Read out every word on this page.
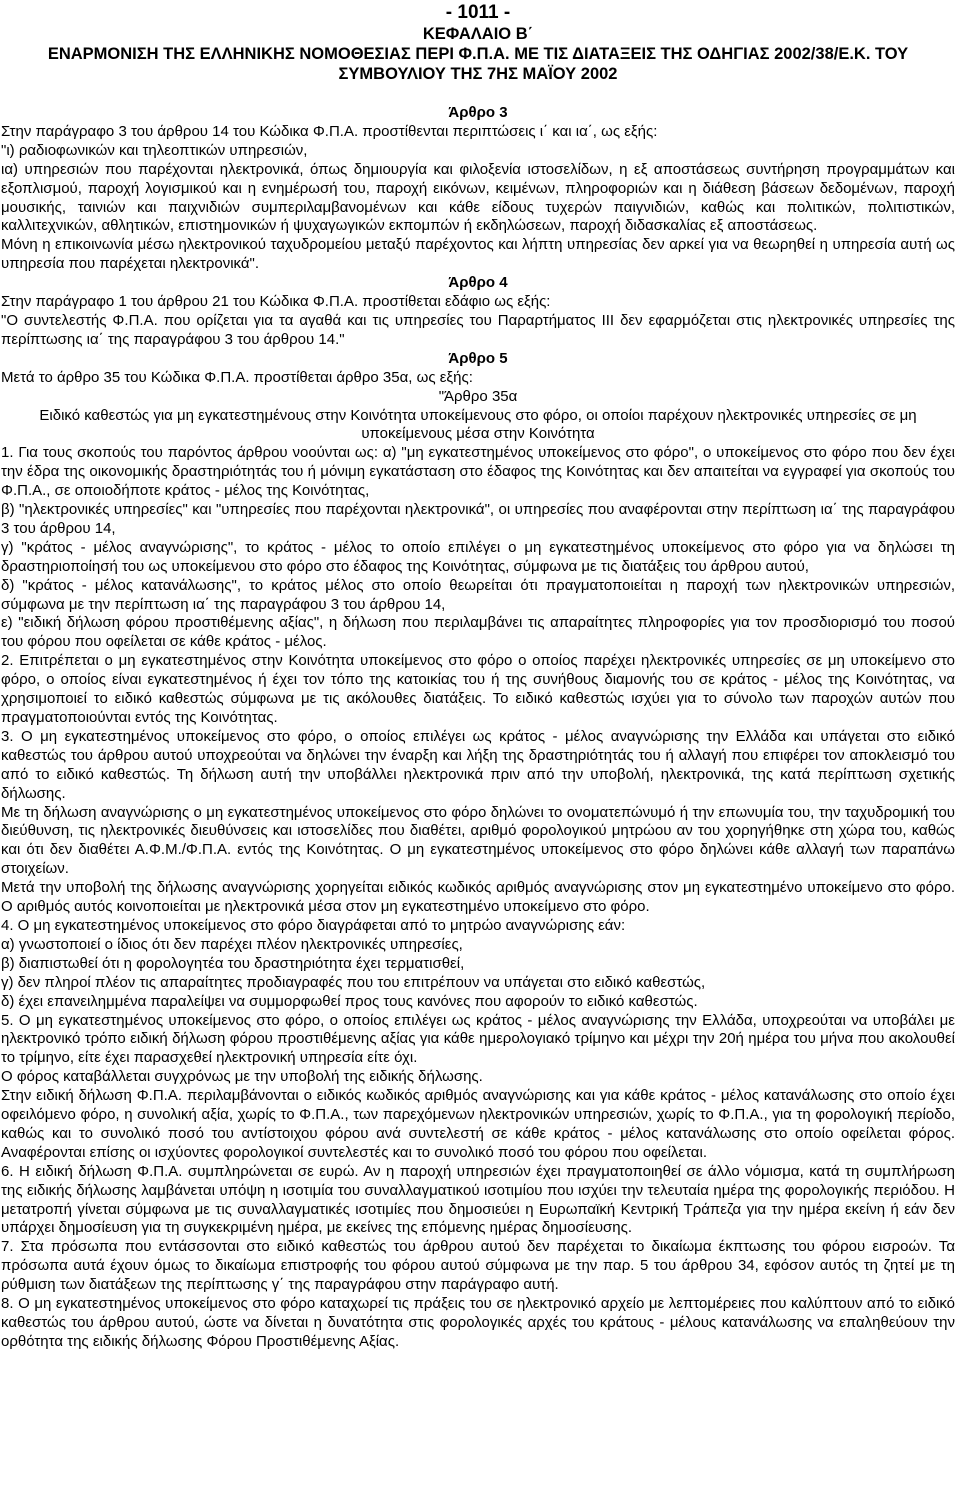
- 1011 -
ΚΕΦΑΛΑΙΟ Β΄
ΕΝΑΡΜΟΝΙΣΗ ΤΗΣ ΕΛΛΗΝΙΚΗΣ ΝΟΜΟΘΕΣΙΑΣ ΠΕΡΙ Φ.Π.Α. ΜΕ ΤΙΣ ΔΙΑΤΑΞΕΙΣ ΤΗΣ ΟΔΗΓΙΑΣ 2002/38/Ε.Κ. ΤΟΥ ΣΥΜΒΟΥΛΙΟΥ ΤΗΣ 7ΗΣ ΜΑΪΟΥ 2002
Άρθρο 3

Στην παράγραφο 3 του άρθρου 14 του Κώδικα Φ.Π.Α. προστίθενται περιπτώσεις ι΄ και ια΄, ως εξής:

"ι) ραδιοφωνικών και τηλεοπτικών υπηρεσιών,

ια) υπηρεσιών που παρέχονται ηλεκτρονικά, όπως δημιουργία και φιλοξενία ιστοσελίδων, η εξ αποστάσεως συντήρηση προγραμμάτων και εξοπλισμού, παροχή λογισμικού και η ενημέρωσή του, παροχή εικόνων, κειμένων, πληροφοριών και η διάθεση βάσεων δεδομένων, παροχή μουσικής, ταινιών και παιχνιδιών συμπεριλαμβανομένων και κάθε είδους τυχερών παιγνιδιών, καθώς και πολιτικών, πολιτιστικών, καλλιτεχνικών, αθλητικών, επιστημονικών ή ψυχαγωγικών εκπομπών ή εκδηλώσεων, παροχή διδασκαλίας εξ αποστάσεως.

Μόνη η επικοινωνία μέσω ηλεκτρονικού ταχυδρομείου μεταξύ παρέχοντος και λήπτη υπηρεσίας δεν αρκεί για να θεωρηθεί η υπηρεσία αυτή ως υπηρεσία που παρέχεται ηλεκτρονικά".

Άρθρο 4

Στην παράγραφο 1 του άρθρου 21 του Κώδικα Φ.Π.Α. προστίθεται εδάφιο ως εξής:

"Ο συντελεστής Φ.Π.Α. που ορίζεται για τα αγαθά και τις υπηρεσίες του Παραρτήματος ΙΙΙ δεν εφαρμόζεται στις ηλεκτρονικές υπηρεσίες της περίπτωσης ια΄ της παραγράφου 3 του άρθρου 14."

Άρθρο 5

Μετά το άρθρο 35 του Κώδικα Φ.Π.Α. προστίθεται άρθρο 35α, ως εξής:

"Άρθρο 35α

Ειδικό καθεστώς για μη εγκατεστημένους στην Κοινότητα υποκείμενους στο φόρο, οι οποίοι παρέχουν ηλεκτρονικές υπηρεσίες σε μη υποκείμενους μέσα στην Κοινότητα

1. Για τους σκοπούς του παρόντος άρθρου νοούνται ως: α) "μη εγκατεστημένος υποκείμενος στο φόρο", ο υποκείμενος στο φόρο που δεν έχει την έδρα της οικονομικής δραστηριότητάς του ή μόνιμη εγκατάσταση στο έδαφος της Κοινότητας και δεν απαιτείται να εγγραφεί για σκοπούς του Φ.Π.Α., σε οποιοδήποτε κράτος - μέλος της Κοινότητας,

β) "ηλεκτρονικές υπηρεσίες" και "υπηρεσίες που παρέχονται ηλεκτρονικά", οι υπηρεσίες που αναφέρονται στην περίπτωση ια΄ της παραγράφου 3 του άρθρου 14,

γ) "κράτος - μέλος αναγνώρισης", το κράτος - μέλος το οποίο επιλέγει ο μη εγκατεστημένος υποκείμενος στο φόρο για να δηλώσει τη δραστηριοποίησή του ως υποκείμενου στο φόρο στο έδαφος της Κοινότητας, σύμφωνα με τις διατάξεις του άρθρου αυτού,

δ) "κράτος - μέλος κατανάλωσης", το κράτος μέλος στο οποίο θεωρείται ότι πραγματοποιείται η παροχή των ηλεκτρονικών υπηρεσιών, σύμφωνα με την περίπτωση ια΄ της παραγράφου 3 του άρθρου 14,

ε) "ειδική δήλωση φόρου προστιθέμενης αξίας", η δήλωση που περιλαμβάνει τις απαραίτητες πληροφορίες για τον προσδιορισμό του ποσού του φόρου που οφείλεται σε κάθε κράτος - μέλος.

2. Επιτρέπεται ο μη εγκατεστημένος στην Κοινότητα υποκείμενος στο φόρο ο οποίος παρέχει ηλεκτρονικές υπηρεσίες σε μη υποκείμενο στο φόρο, ο οποίος είναι εγκατεστημένος ή έχει τον τόπο της κατοικίας του ή της συνήθους διαμονής του σε κράτος - μέλος της Κοινότητας, να χρησιμοποιεί το ειδικό καθεστώς σύμφωνα με τις ακόλουθες διατάξεις. Το ειδικό καθεστώς ισχύει για το σύνολο των παροχών αυτών που πραγματοποιούνται εντός της Κοινότητας.

3. Ο μη εγκατεστημένος υποκείμενος στο φόρο, ο οποίος επιλέγει ως κράτος - μέλος αναγνώρισης την Ελλάδα και υπάγεται στο ειδικό καθεστώς του άρθρου αυτού υποχρεούται να δηλώνει την έναρξη και λήξη της δραστηριότητάς του ή αλλαγή που επιφέρει τον αποκλεισμό του από το ειδικό καθεστώς. Τη δήλωση αυτή την υποβάλλει ηλεκτρονικά πριν από την υποβολή, ηλεκτρονικά, της κατά περίπτωση σχετικής δήλωσης.

Με τη δήλωση αναγνώρισης ο μη εγκατεστημένος υποκείμενος στο φόρο δηλώνει το ονοματεπώνυμό ή την επωνυμία του, την ταχυδρομική του διεύθυνση, τις ηλεκτρονικές διευθύνσεις και ιστοσελίδες που διαθέτει, αριθμό φορολογικού μητρώου αν του χορηγήθηκε στη χώρα του, καθώς και ότι δεν διαθέτει Α.Φ.Μ./Φ.Π.Α. εντός της Κοινότητας. Ο μη εγκατεστημένος υποκείμενος στο φόρο δηλώνει κάθε αλλαγή των παραπάνω στοιχείων.

Μετά την υποβολή της δήλωσης αναγνώρισης χορηγείται ειδικός κωδικός αριθμός αναγνώρισης στον μη εγκατεστημένο υποκείμενο στο φόρο. Ο αριθμός αυτός κοινοποιείται με ηλεκτρονικά μέσα στον μη εγκατεστημένο υποκείμενο στο φόρο.

4. Ο μη εγκατεστημένος υποκείμενος στο φόρο διαγράφεται από το μητρώο αναγνώρισης εάν:

α) γνωστοποιεί ο ίδιος ότι δεν παρέχει πλέον ηλεκτρονικές υπηρεσίες,

β) διαπιστωθεί ότι η φορολογητέα του δραστηριότητα έχει τερματισθεί,

γ) δεν πληροί πλέον τις απαραίτητες προδιαγραφές που του επιτρέπουν να υπάγεται στο ειδικό καθεστώς,

δ) έχει επανειλημμένα παραλείψει να συμμορφωθεί προς τους κανόνες που αφορούν το ειδικό καθεστώς.

5. Ο μη εγκατεστημένος υποκείμενος στο φόρο, ο οποίος επιλέγει ως κράτος - μέλος αναγνώρισης την Ελλάδα, υποχρεούται να υποβάλει με ηλεκτρονικό τρόπο ειδική δήλωση φόρου προστιθέμενης αξίας για κάθε ημερολογιακό τρίμηνο και μέχρι την 20ή ημέρα του μήνα που ακολουθεί το τρίμηνο, είτε έχει παρασχεθεί ηλεκτρονική υπηρεσία είτε όχι.

Ο φόρος καταβάλλεται συγχρόνως με την υποβολή της ειδικής δήλωσης.

Στην ειδική δήλωση Φ.Π.Α. περιλαμβάνονται ο ειδικός κωδικός αριθμός αναγνώρισης και για κάθε κράτος - μέλος κατανάλωσης στο οποίο έχει οφειλόμενο φόρο, η συνολική αξία, χωρίς το Φ.Π.Α., των παρεχόμενων ηλεκτρονικών υπηρεσιών, χωρίς το Φ.Π.Α., για τη φορολογική περίοδο, καθώς και το συνολικό ποσό του αντίστοιχου φόρου ανά συντελεστή σε κάθε κράτος - μέλος κατανάλωσης στο οποίο οφείλεται φόρος. Αναφέρονται επίσης οι ισχύοντες φορολογικοί συντελεστές και το συνολικό ποσό του φόρου που οφείλεται.

6. Η ειδική δήλωση Φ.Π.Α. συμπληρώνεται σε ευρώ. Αν η παροχή υπηρεσιών έχει πραγματοποιηθεί σε άλλο νόμισμα, κατά τη συμπλήρωση της ειδικής δήλωσης λαμβάνεται υπόψη η ισοτιμία του συναλλαγματικού ισοτιμίου που ισχύει την τελευταία ημέρα της φορολογικής περιόδου. Η μετατροπή γίνεται σύμφωνα με τις συναλλαγματικές ισοτιμίες που δημοσιεύει η Ευρωπαϊκή Κεντρική Τράπεζα για την ημέρα εκείνη ή εάν δεν υπάρχει δημοσίευση για τη συγκεκριμένη ημέρα, με εκείνες της επόμενης ημέρας δημοσίευσης.

7. Στα πρόσωπα που εντάσσονται στο ειδικό καθεστώς του άρθρου αυτού δεν παρέχεται το δικαίωμα έκπτωσης του φόρου εισροών. Τα πρόσωπα αυτά έχουν όμως το δικαίωμα επιστροφής του φόρου αυτού σύμφωνα με την παρ. 5 του άρθρου 34, εφόσον αυτός τη ζητεί με τη ρύθμιση των διατάξεων της περίπτωσης γ΄ της παραγράφου στην παράγραφο αυτή.

8. Ο μη εγκατεστημένος υποκείμενος στο φόρο καταχωρεί τις πράξεις του σε ηλεκτρονικό αρχείο με λεπτομέρειες που καλύπτουν από το ειδικό καθεστώς του άρθρου αυτού, ώστε να δίνεται η δυνατότητα στις φορολογικές αρχές του κράτους - μέλους κατανάλωσης να επαληθεύουν την ορθότητα της ειδικής δήλωσης Φόρου Προστιθέμενης Αξίας.
